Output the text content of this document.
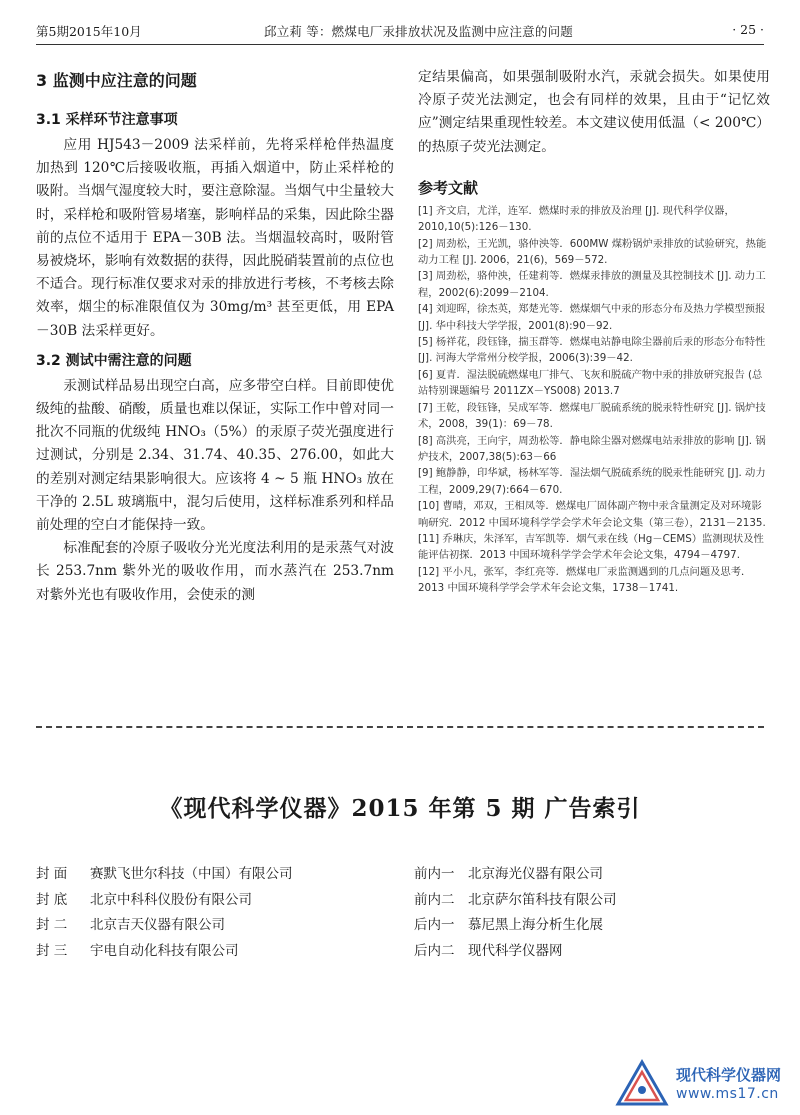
第5期2015年10月	邱立莉 等：燃煤电厂汞排放状况及监测中应注意的问题	· 25 ·
3 监测中应注意的问题
3.1 采样环节注意事项

应用 HJ543－2009 法采样前，先将采样枪伴热温度加热到 120℃后接吸收瓶，再插入烟道中，防止采样枪的吸附。当烟气湿度较大时，要注意除湿。当烟气中尘量较大时，采样枪和吸附管易堵塞，影响样品的采集，因此除尘器前的点位不适用于 EPA－30B 法。当烟温较高时，吸附管易被烧坏，影响有效数据的获得，因此脱硝装置前的点位也不适合。现行标准仅要求对汞的排放进行考核，不考核去除效率，烟尘的标准限值仅为 30mg/m³ 甚至更低，用 EPA－30B 法采样更好。

3.2 测试中需注意的问题

汞测试样品易出现空白高，应多带空白样。目前即使优级纯的盐酸、硝酸，质量也难以保证，实际工作中曾对同一批次不同瓶的优级纯 HNO₃（5%）的汞原子荧光强度进行过测试，分别是 2.34、31.74、40.35、276.00，如此大的差别对测定结果影响很大。应该将 4 ~ 5 瓶 HNO₃ 放在干净的 2.5L 玻璃瓶中，混匀后使用，这样标准系列和样品前处理的空白才能保持一致。

标准配套的冷原子吸收分光光度法利用的是汞蒸气对波长 253.7nm 紫外光的吸收作用，而水蒸汽在 253.7nm 对紫外光也有吸收作用，会使汞的测

定结果偏高，如果强制吸附水汽，汞就会损失。如果使用冷原子荧光法测定，也会有同样的效果，且由于“记忆效应”测定结果重现性较差。本文建议使用低温（< 200℃）的热原子荧光法测定。

参考文献
[1] 齐文启，尤洋，连军．燃煤时汞的排放及治理 [J]. 现代科学仪器，2010,10(5):126－130.
[2] 周劲松，王光凯，骆仲泱等．600MW 煤粉锅炉汞排放的试验研究，热能动力工程 [J]. 2006，21(6)，569－572.
[3] 周劲松，骆仲泱，任建莉等．燃煤汞排放的测量及其控制技术 [J]. 动力工程，2002(6):2099－2104.
[4] 刘迎晖，徐杰英，郑楚光等．燃煤烟气中汞的形态分布及热力学模型预报 [J]. 华中科技大学学报，2001(8):90－92.
[5] 杨祥花，段钰锋，揣玉群等．燃煤电站静电除尘器前后汞的形态分布特性 [J]. 河海大学常州分校学报，2006(3):39－42.
[6] 夏青．湿法脱硫燃煤电厂排气、飞灰和脱硫产物中汞的排放研究报告 (总站特别课题编号 2011ZX－YS008) 2013.7
[7] 王乾，段钰锋，吴成军等．燃煤电厂脱硫系统的脱汞特性研究 [J]. 锅炉技术，2008，39(1)：69－78.
[8] 高洪亮，王向宇，周劲松等．静电除尘器对燃煤电站汞排放的影响 [J]. 锅炉技术，2007,38(5):63－66
[9] 鲍静静，印华斌，杨林军等．湿法烟气脱硫系统的脱汞性能研究 [J]. 动力工程，2009,29(7):664－670.
[10] 曹晴，邓双，王相凤等．燃煤电厂固体副产物中汞含量测定及对环境影响研究．2012 中国环境科学学会学术年会论文集（第三卷），2131－2135.
[11] 乔琳庆，朱泽军，吉军凯等．烟气汞在线（Hg－CEMS）监测现状及性能评估初探．2013 中国环境科学学会学术年会论文集，4794－4797.
[12] 平小凡，张军，李红亮等．燃煤电厂汞监测遇到的几点问题及思考．2013 中国环境科学学会学术年会论文集，1738－1741.
《现代科学仪器》2015 年第 5 期 广告索引
封 面	赛默飞世尔科技（中国）有限公司
封 底	北京中科科仪股份有限公司
封 二	北京吉天仪器有限公司
封 三	宇电自动化科技有限公司
前内一	北京海光仪器有限公司
前内二	北京萨尔笛科技有限公司
后内一	慕尼黑上海分析生化展
后内二	现代科学仪器网
现代科学仪器网
www.ms17.cn
